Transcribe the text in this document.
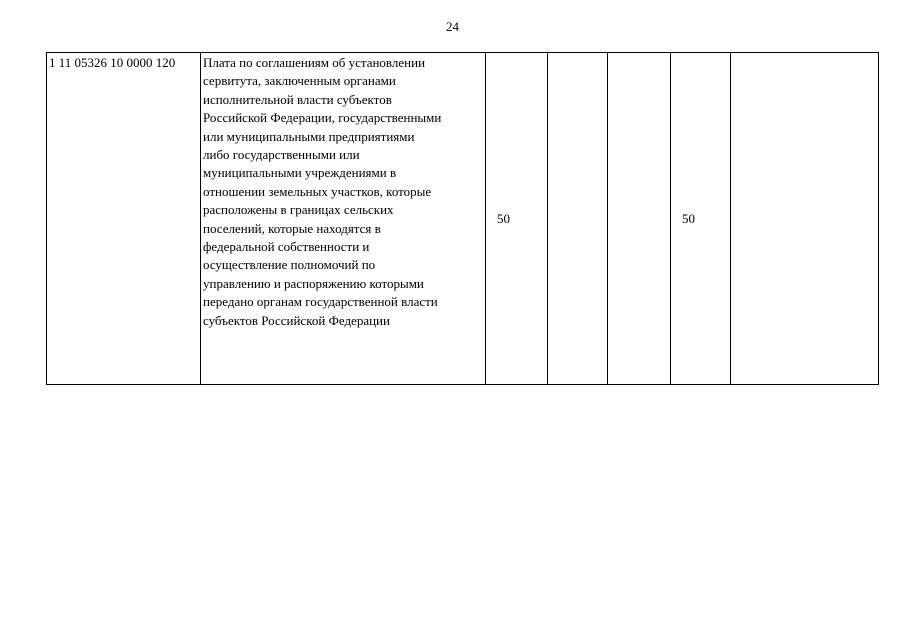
24
1 11 05326 10 0000 120	Плата по соглашениям об установлении
сервитута, заключенным органами
исполнительной власти субъектов
Российской Федерации, государственными
или муниципальными предприятиями
либо государственными или
муниципальными учреждениями в
отношении земельных участков, которые
расположены в границах сельских
поселений, которые находятся в
федеральной собственности и
осуществление полномочий по
управлению и распоряжению которыми
передано органам государственной власти
субъектов Российской Федерации
	50			50	
